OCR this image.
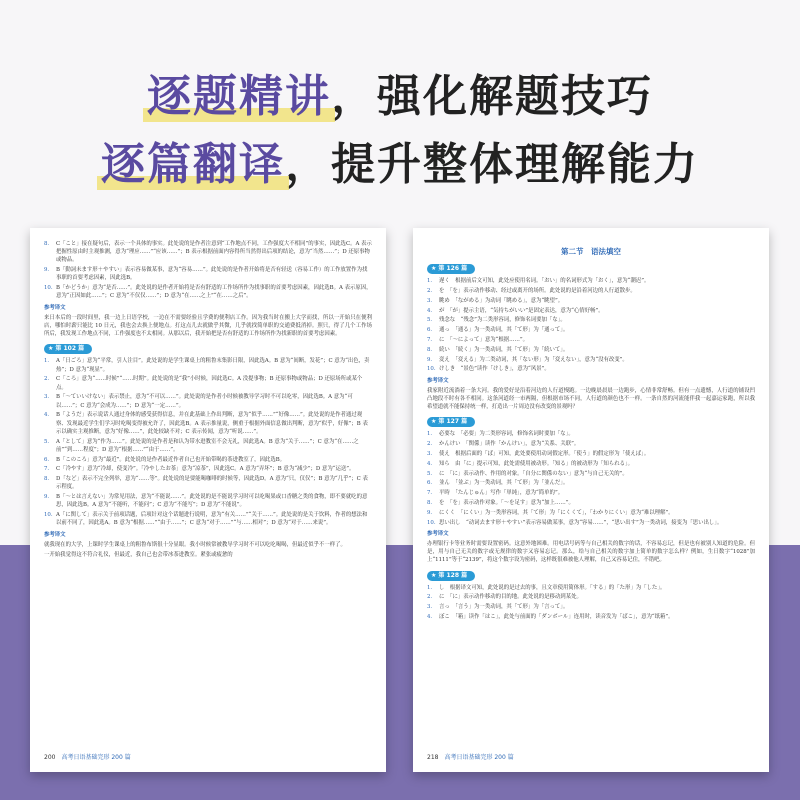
逐题精讲，强化解题技巧
逐篇翻译，提升整体理解能力
8.	C「こと」接在疑句后，表示一个具体的事实。此处说的是作者注意到“工作地点不同，工作强度大不相同”的事实，因此选C。A 表示把握性原由时主观推测，意为“理应……”“应该……”；B 表示根据前面内容得所当然得出后项的结论，意为“当然……”；D 还原事物或物品。
9.	B「動詞未ます形＋やすい」表示容易做某事，意为“容易……”。此处说的是作者开始将是否有轻送（容易工作）的工作放置作为找事职的首要考虑因素，因此选B。
10. B「かどうか」意为“是否……”。此处说的是作者开始将是否有舒适的工作场所作为找事职的首要考虑因素，因此选B。A 表示原因，意为“正因如此……”；C 意为“不仅仅……”；D 意为“在……之上”“在……之后”。
参考译文

来日本后的一段时间里，我一边上日语学校，一边在不需要经验且学费的便利店工作。因为我当时在搬上大学而找，所以一开始只在便利店，哪怕时薪只能比 10 日元，我也会去换上便地点。打这点儿去就做乎其微，几乎就找简单职的交通费抵消掉。照只，得了几个工作场所后，我发现工作地点不同，工作强度也不太相同。从那以后，我开始把是否有舒适的工作场所作为找新职的首要考虑因素。

★ 第 102 篇
1.	A「日ごろ」意为“平常，引人注目”。此处说的是学生课桌上的粗鲁末集影日限，因此选A。B 意为“间断，发花”；C 意为“出色，卖热”；D 意为“现显”。
2.	C「ころ」意为“……时候”“……时期”。此处说的是“我”小时候，因此选C。A 没提事物；B 还原事物或物品；D 还原场所或某个点。
3.	B「～ていいけない」表示禁止，意为“不可以……”。此处说的是作者小时候被教导学习时不可以吃零，因此选B。A 意为“可以……”；C 意为“会成为……”；D 意为“一定……”。
4.	B「ようだ」表示说话人通过身体的感受获得信息，并在此基础上作出判断，意为“似乎……”“好像……”。此处说的是作者通过观察、发现最近学生们学习时吃喝变得被允许了，因此选B。A 表示推量说，侧重于根据外面信息做出判断，意为“似乎，好像”；B 表示以确实主观推断，意为“好像……”，此处较缺不对；C 表示传闻，意为“听说……”。
5.	A「として」意为“作为……”。此处说的是作者是和认为带水进教室不会无礼，因此选A。B 意为“关于……”；C 意为“在……之前”“到……程度”；D 意为“根据……”“由于……”。
6.	B「このころ」意为“最近”。此处说的是作者最近作者自己也开始带喝的茶进教室了，因此选B。
7.	C「冷やす」意为“冷却，使变冷”。「冷やしたお茶」意为“凉茶”，因此选C。A 意为“弄坏”；B 意为“减少”；D 意为“运送”。
8.	D「など」表示不完全列举，意为“……等”。此处说的是要能喝咖啡的时候等，因此选D。A 意为“只，仅仅”；B 意为“几乎”；C 表示程度。
9.	B「～とは言えない」为常见用法，意为“不能说……”。此处说的是不能说学习时可以吃喝果或口香糖之类的食物，即不要就吃的意思，因此选B。A 意为“不能听，不能问”；C 意为“不能写”；D 意为“不能说”。
10. A「に関して」表示关于前项话题，后项针对这个话题进行说明，意为“有关……”“关于……”。此处说的是关于饮料，作者的想法和以前不同了，因此选A。B 意为“根据……”“由于……”；C 意为“对于……”“与……相对”；D 意为“对于……来说”。
参考译文

就我现在的大学，上课时学生课桌上的粗鲁布斯很十分显眼。我小时候常被教导学习时不可以吃吃喝喝，但最近似乎不一样了。

一开始我觉得这不符合礼仪，但最近，我自己也会带冰茶进教室。紧张或疲惫的

200 高考日语基础完形 200 篇
第二节　语法填空
★ 第 126 篇
1.	遅く　根据前后文可知，此处应使用名词。「おい」的名词形式为「おく」，意为“潮迟”。
2.	を　「を」表示动作移动、经过或离开的场所。此处说的是沿着河边的人行道散步。
3.	眺め　「ながめる」为动词「眺める」，意为“眺望”。
4.	が　「が」提示主语，“気持ちがいい”是固定表达，意为“心情好畅”。
5.	残念な　“残念”为二类形容词，修饰名词要加「な」。
6.	通っ　「通る」为一类动词，其「て形」为「通って」。
7.	に　「～によって」意为“根据……”。
8.	続い　「続く」为一类动词，其「て形」为「続いて」。
9.	変え　「変える」为二类动词，其「ない形」为「変えない」，意为“没有改变”。
10. けしき　“景色”读作「けしき」，意为“风景”。
参考译文

我家附近流淌着一条大河。我的爱好是沿着河边的人行道慢跑。一边晚晨晨晨一边跑步，心情非常舒畅。但有一点遗憾，人行道的铺设凹凸地段不时有各不相同。这条河道经一市两隔，但根据市场不同，人行道的颜色也不一样。一条自然的河流能伴我一起嘉运家跑，所以我希望道就不能保持统一样，打造出一片周边没有改变的景观吗？

★ 第 127 篇
1.	必要な　「必要」为二类形容词，修饰名词时要加「な」。
2.	かんけい　「関係」读作「かんけい」，意为“关系、关联”。
3.	使え　根据后面的「ば」可知，此处要使用动词假定形。「使う」的假定形为「使えば」。
4.	知ら　由「に」提示可知，此处需使用被动形。「知る」的被动形为「知られる」。
5.	に　「に」表示动作、作用的对象。「自分に関係のない」意为“与自己无关的”。
6.	並ん　「並ぶ」为一类动词，其「て形」为「並んだ」。
7.	平時　「たんじゅん」写作「単純」，意为“简单的”。
8.	を　「を」表示动作对象。「～を足す」意为“加上……”。
9.	にくく　「にくい」为一类形容词，其「て形」为「にくくて」，「わかりにくい」意为“难以理解”。
10. 思い出し　“动词去ます形＋やすい”表示容易做某事，意为“容易……”，“思い出す”为一类动词，接变为「思い出し」。
参考译文

办理银行卡等业务时需要设置密码。这意外地困难。用电话号码等与自己相关的数字的话，不容易忘记，但是也有被别人知道的危险。但是，用与自己无关的数字或无规律的数字又容易忘记。那么，给与自己相关的数字加上简单的数字怎么样？例如，生日数字“1028”加上“1111”等于“2139”，将这个数字设为密码，这样既很难被他人理解，自己又容易记住，不错吧。

★ 第 128 篇
1.	し　根据译文可知，此处说的是过去的事，且文章使用简体形。「する」的「た形」为「した」。
2.	に　「に」表示动作移动的目的地。此处说的是移动到某处。
3.	言っ　「言う」为一类动词，其「て形」为「言って」。
4.	ぼこ　「箱」读作「はこ」，此处与前面的「ダンボール」连用时，读音发为「ばこ」，意为“纸箱”。
218 高考日语基础完形 200 篇
